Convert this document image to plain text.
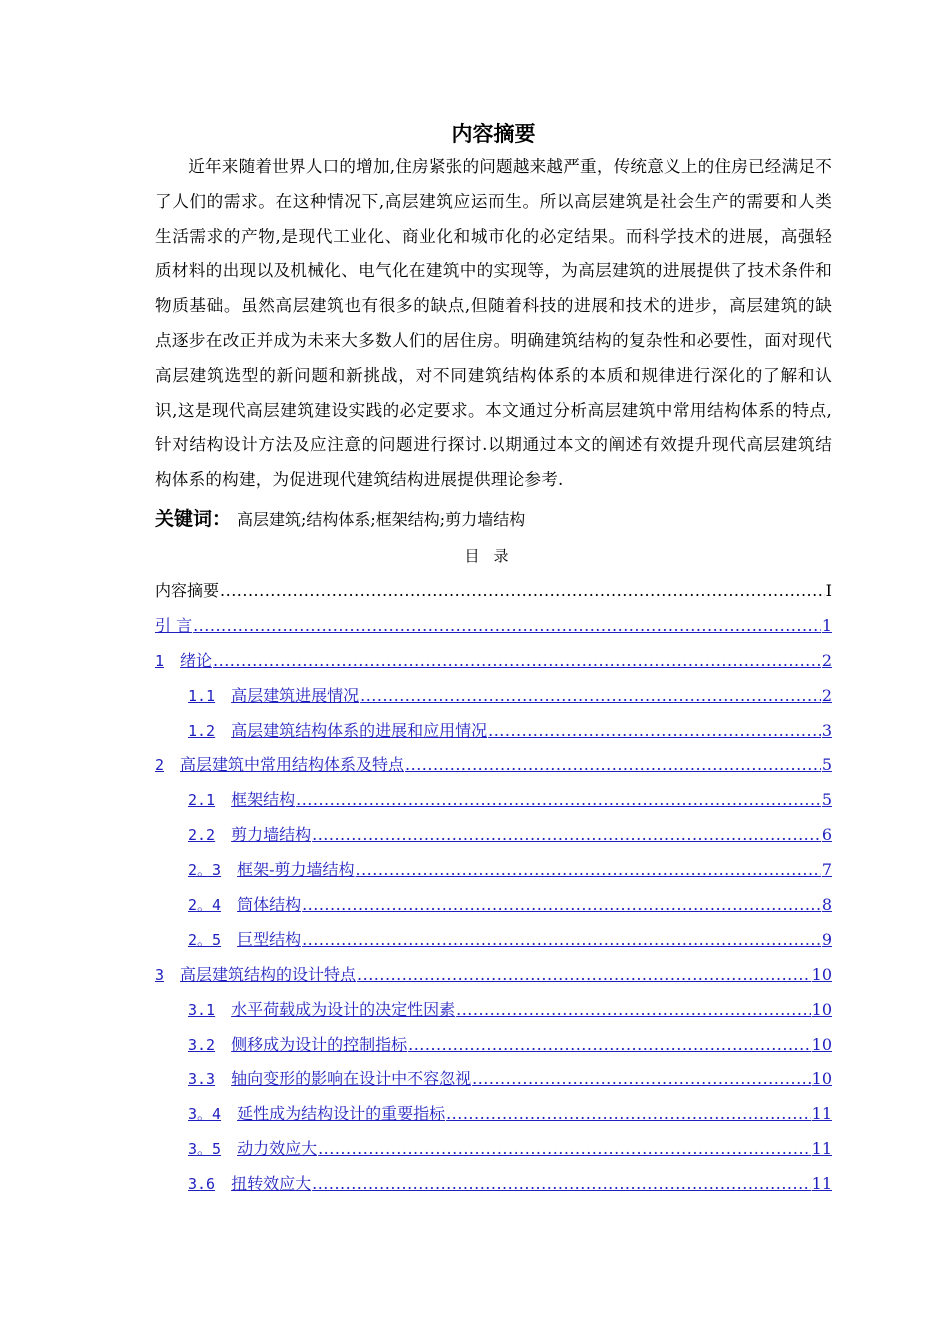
内容摘要

近年来随着世界人口的增加,住房紧张的问题越来越严重，传统意义上的住房已经满足不了人们的需求。在这种情况下,高层建筑应运而生。所以高层建筑是社会生产的需要和人类生活需求的产物,是现代工业化、商业化和城市化的必定结果。而科学技术的进展，高强轻质材料的出现以及机械化、电气化在建筑中的实现等，为高层建筑的进展提供了技术条件和物质基础。虽然高层建筑也有很多的缺点,但随着科技的进展和技术的进步，高层建筑的缺点逐步在改正并成为未来大多数人们的居住房。明确建筑结构的复杂性和必要性，面对现代高层建筑选型的新问题和新挑战，对不同建筑结构体系的本质和规律进行深化的了解和认识,这是现代高层建筑建设实践的必定要求。本文通过分析高层建筑中常用结构体系的特点,针对结构设计方法及应注意的问题进行探讨.以期通过本文的阐述有效提升现代高层建筑结构体系的构建，为促进现代建筑结构进展提供理论参考.

关键词： 高层建筑;结构体系;框架结构;剪力墙结构
目录
内容摘要 .....	I
引 言 .....	1
1 绪论 .....	2
1.1 高层建筑进展情况 .....	2
1.2 高层建筑结构体系的进展和应用情况 .....	3
2 高层建筑中常用结构体系及特点 .....	5
2.1 框架结构 .....	5
2.2 剪力墙结构 .....	6
2。3 框架-剪力墙结构 .....	7
2。4 筒体结构 .....	8
2。5 巨型结构 .....	9
3 高层建筑结构的设计特点 .....	10
3.1 水平荷载成为设计的决定性因素 .....	10
3.2 侧移成为设计的控制指标 .....	10
3.3 轴向变形的影响在设计中不容忽视 .....	10
3。4 延性成为结构设计的重要指标 .....	11
3。5 动力效应大 .....	11
3.6 扭转效应大 .....	11
